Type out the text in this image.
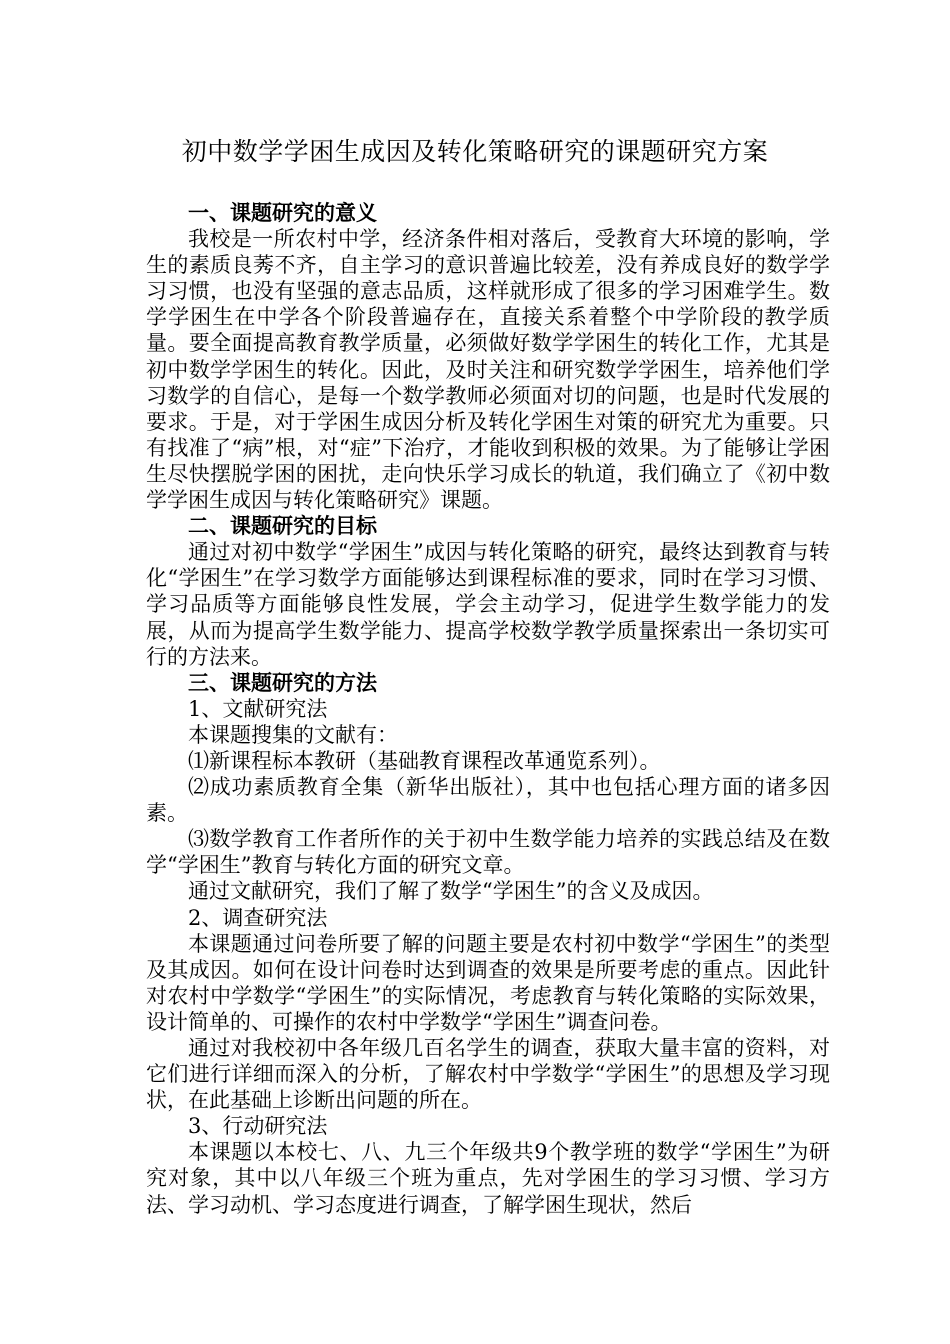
初中数学学困生成因及转化策略研究的课题研究方案

一、课题研究的意义

我校是一所农村中学，经济条件相对落后，受教育大环境的影响，学生的素质良莠不齐，自主学习的意识普遍比较差，没有养成良好的数学学习习惯，也没有坚强的意志品质，这样就形成了很多的学习困难学生。数学学困生在中学各个阶段普遍存在，直接关系着整个中学阶段的教学质量。要全面提高教育教学质量，必须做好数学学困生的转化工作，尤其是初中数学学困生的转化。因此，及时关注和研究数学学困生，培养他们学习数学的自信心，是每一个数学教师必须面对切的问题，也是时代发展的要求。于是，对于学困生成因分析及转化学困生对策的研究尤为重要。只有找准了“病”根，对“症”下治疗，才能收到积极的效果。为了能够让学困生尽快摆脱学困的困扰，走向快乐学习成长的轨道，我们确立了《初中数学学困生成因与转化策略研究》课题。

二、课题研究的目标

通过对初中数学“学困生”成因与转化策略的研究，最终达到教育与转化“学困生”在学习数学方面能够达到课程标准的要求，同时在学习习惯、学习品质等方面能够良性发展，学会主动学习，促进学生数学能力的发展，从而为提高学生数学能力、提高学校数学教学质量探索出一条切实可行的方法来。

三、课题研究的方法

1、文献研究法

本课题搜集的文献有：

⑴新课程标本教研（基础教育课程改革通览系列）。

⑵成功素质教育全集（新华出版社），其中也包括心理方面的诸多因素。

⑶数学教育工作者所作的关于初中生数学能力培养的实践总结及在数学“学困生”教育与转化方面的研究文章。

通过文献研究，我们了解了数学“学困生”的含义及成因。

2、调查研究法

本课题通过问卷所要了解的问题主要是农村初中数学“学困生”的类型及其成因。如何在设计问卷时达到调查的效果是所要考虑的重点。因此针对农村中学数学“学困生”的实际情况，考虑教育与转化策略的实际效果，设计简单的、可操作的农村中学数学“学困生”调查问卷。

通过对我校初中各年级几百名学生的调查，获取大量丰富的资料，对它们进行详细而深入的分析，了解农村中学数学“学困生”的思想及学习现状，在此基础上诊断出问题的所在。

3、行动研究法

本课题以本校七、八、九三个年级共9个教学班的数学“学困生”为研究对象，其中以八年级三个班为重点，先对学困生的学习习惯、学习方法、学习动机、学习态度进行调查，了解学困生现状，然后
